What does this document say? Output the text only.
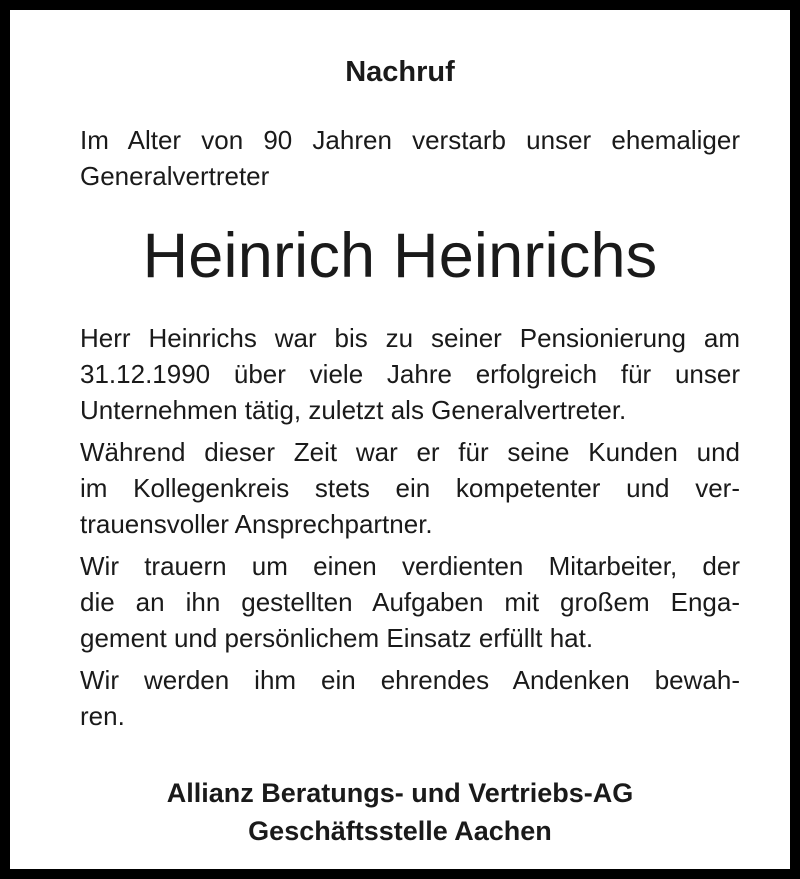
Nachruf
Im Alter von 90 Jahren verstarb unser ehemaliger
Generalvertreter
Heinrich Heinrichs
Herr Heinrichs war bis zu seiner Pensionierung am
31.12.1990 über viele Jahre erfolgreich für unser
Unternehmen tätig, zuletzt als Generalvertreter.
Während dieser Zeit war er für seine Kunden und
im Kollegenkreis stets ein kompetenter und ver-
trauensvoller Ansprechpartner.
Wir trauern um einen verdienten Mitarbeiter, der
die an ihn gestellten Aufgaben mit großem Enga-
gement und persönlichem Einsatz erfüllt hat.
Wir werden ihm ein ehrendes Andenken bewah-
ren.
Allianz Beratungs- und Vertriebs-AG
Geschäftsstelle Aachen
